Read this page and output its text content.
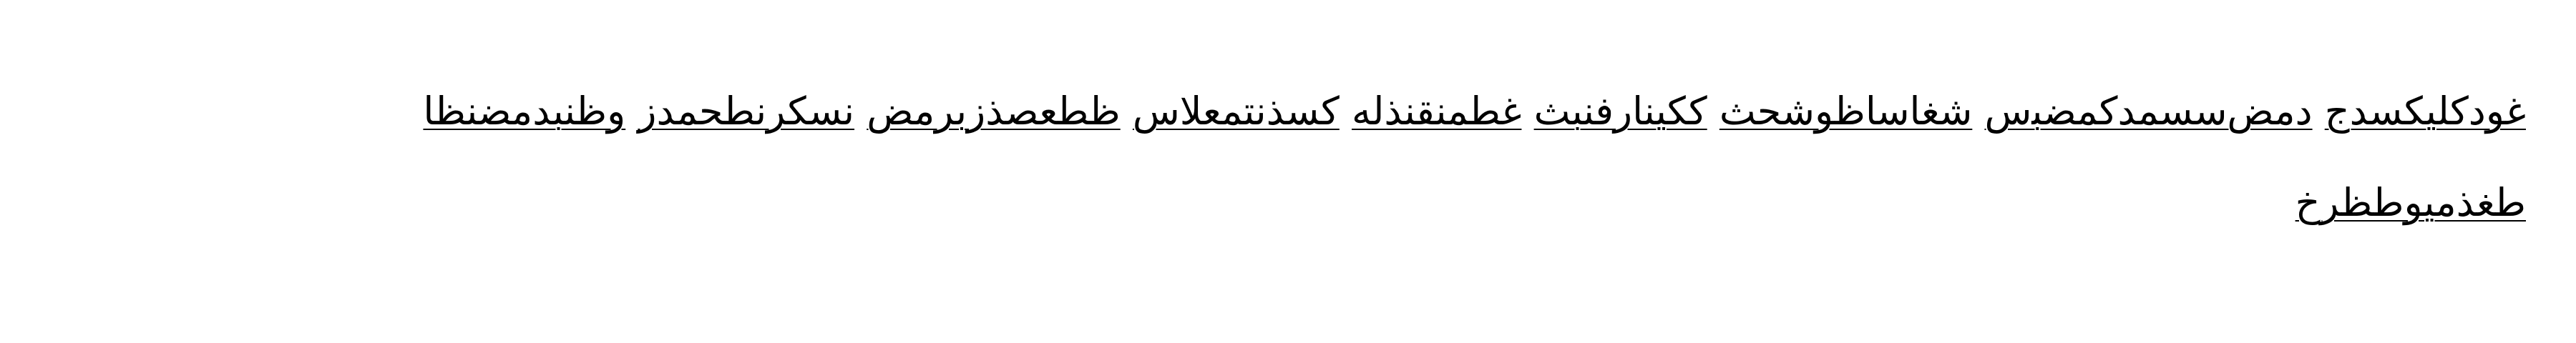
ﻏﻮﺩﻛﻠﻴﻜﺴﺪﺝ ﺩﻣﺾﺳﺴﻤﺪﻛﻤﻀﺒﺱ ﺷﻐﺎﺳﺎﻇﻮﺷﺤﺚ ﻛﻜﻴﻨﺎﺭﻓﻨﺒﺚ ﻏﻄﻤﻨﻘﻨﺬﻟﻪ ﻛﺴﺬﻧﺘﻤﻌﻼﺱ ﻇﻄﻌﺼﺬﺯﺑﺮﻣﺾ ﻧﺴﻜﺮﻧﻄﺤﻤﺪﺯ ﻭﻇﻨﺒﺪﻣﻀﻨﻈﺎ
ﻃﻐﺬﻣﻴﻮﻃﻈﺮﺥ
